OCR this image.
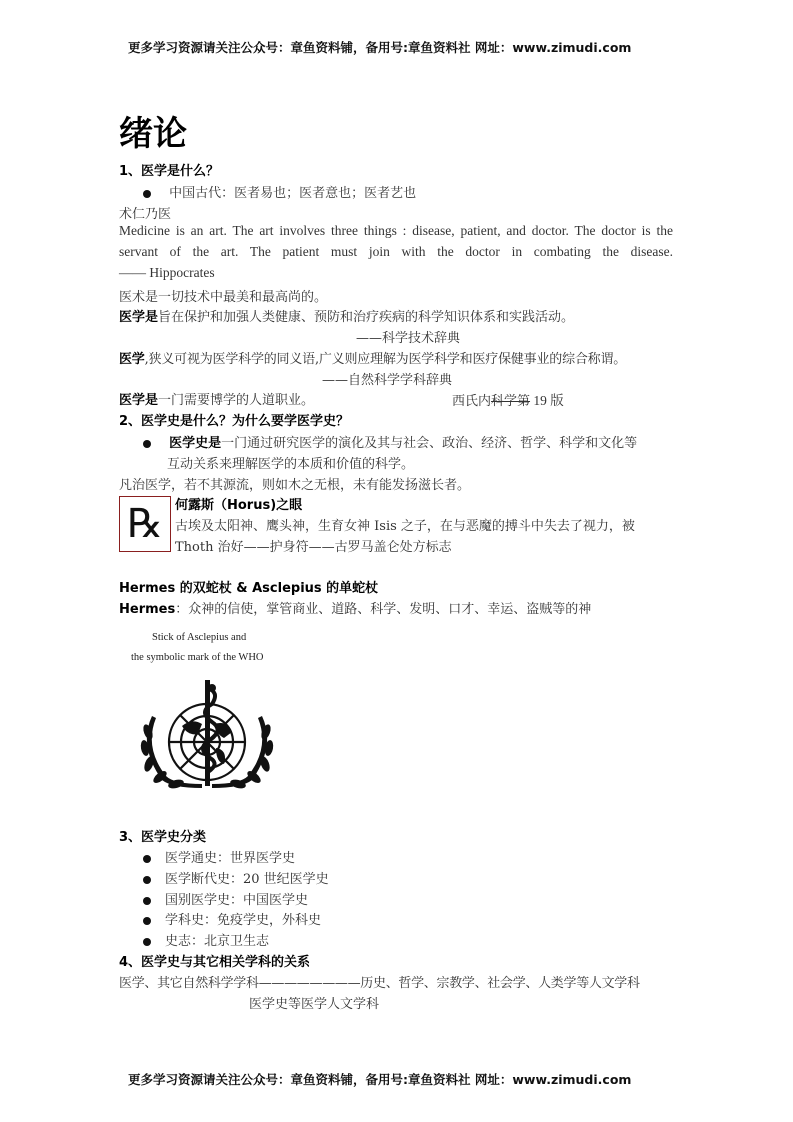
更多学习资源请关注公众号：章鱼资料铺，备用号:章鱼资料社 网址：www.zimudi.com
绪论
1、医学是什么？
中国古代：医者易也；医者意也；医者艺也
术仁乃医
Medicine is an art. The art involves three things : disease, patient, and doctor. The doctor is the
servant of the art. The patient must join with the doctor in combating the disease.
—— Hippocrates
医术是一切技术中最美和最高尚的。
医学是旨在保护和加强人类健康、预防和治疗疾病的科学知识体系和实践活动。
——科学技术辞典
医学,狭义可视为医学科学的同义语,广义则应理解为医学科学和医疗保健事业的综合称谓。
——自然科学学科辞典
医学是一门需要博学的人道职业。	西氏内科学第 19 版
2、医学史是什么？为什么要学医学史？
医学史是一门通过研究医学的演化及其与社会、政治、经济、哲学、科学和文化等
互动关系来理解医学的本质和价值的科学。
凡治医学，若不其源流，则如木之无根，未有能发扬滋长者。
℞ 何露斯（Horus)之眼
古埃及太阳神、鹰头神，生育女神 Isis 之子，在与恶魔的搏斗中失去了视力，被
Thoth 治好——护身符——古罗马盖仑处方标志
Hermes 的双蛇杖 & Asclepius 的单蛇杖
Hermes：众神的信使，掌管商业、道路、科学、发明、口才、幸运、盗贼等的神
Stick of Asclepius and
the symbolic mark of the WHO
3、医学史分类
医学通史：世界医学史
医学断代史：20 世纪医学史
国别医学史：中国医学史
学科史：免疫学史，外科史
史志：北京卫生志
4、医学史与其它相关学科的关系
医学、其它自然科学学科————————历史、哲学、宗教学、社会学、人类学等人文学科
医学史等医学人文学科
更多学习资源请关注公众号：章鱼资料铺，备用号:章鱼资料社 网址：www.zimudi.com
